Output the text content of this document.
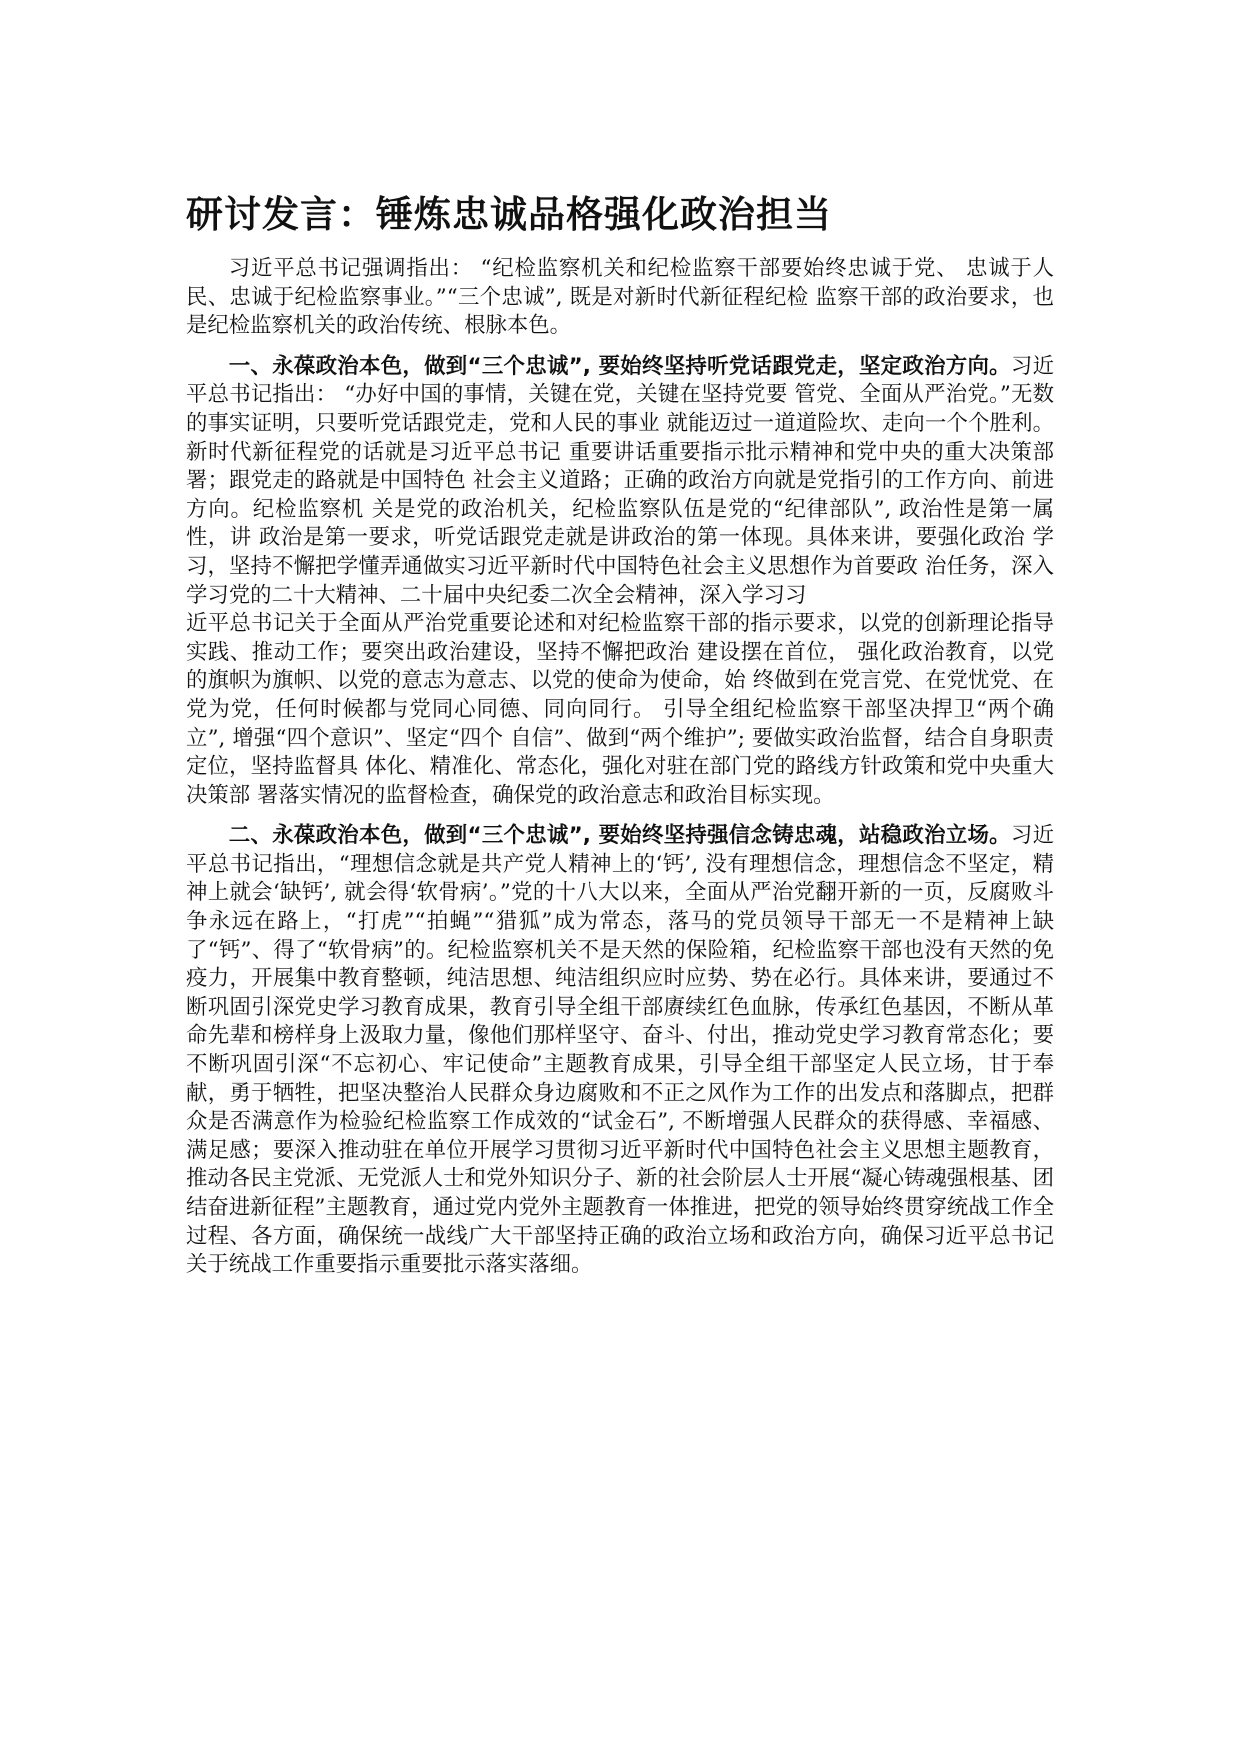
研讨发言：锤炼忠诚品格强化政治担当

习近平总书记强调指出： “纪检监察机关和纪检监察干部要始终忠诚于党、 忠诚于人民、忠诚于纪检监察事业。”“三个忠诚”, 既是对新时代新征程纪检 监察干部的政治要求，也是纪检监察机关的政治传统、根脉本色。

一、永葆政治本色，做到“三个忠诚”, 要始终坚持听党话跟党走，坚定政治方向。习近平总书记指出： “办好中国的事情，关键在党，关键在坚持党要 管党、全面从严治党。”无数的事实证明，只要听党话跟党走，党和人民的事业 就能迈过一道道险坎、走向一个个胜利。新时代新征程党的话就是习近平总书记 重要讲话重要指示批示精神和党中央的重大决策部署；跟党走的路就是中国特色 社会主义道路；正确的政治方向就是党指引的工作方向、前进方向。纪检监察机 关是党的政治机关，纪检监察队伍是党的“纪律部队”, 政治性是第一属性，讲 政治是第一要求，听党话跟党走就是讲政治的第一体现。具体来讲，要强化政治 学习，坚持不懈把学懂弄通做实习近平新时代中国特色社会主义思想作为首要政 治任务，深入学习党的二十大精神、二十届中央纪委二次全会精神，深入学习习

近平总书记关于全面从严治党重要论述和对纪检监察干部的指示要求，以党的创新理论指导实践、推动工作；要突出政治建设，坚持不懈把政治 建设摆在首位， 强化政治教育，以党的旗帜为旗帜、以党的意志为意志、以党的使命为使命，始 终做到在党言党、在党忧党、在党为党，任何时候都与党同心同德、同向同行。 引导全组纪检监察干部坚决捍卫“两个确立”, 增强“四个意识”、坚定“四个 自信”、做到“两个维护”; 要做实政治监督，结合自身职责定位，坚持监督具 体化、精准化、常态化，强化对驻在部门党的路线方针政策和党中央重大决策部 署落实情况的监督检查，确保党的政治意志和政治目标实现。

二、永葆政治本色，做到“三个忠诚”, 要始终坚持强信念铸忠魂，站稳政治立场。习近平总书记指出，“理想信念就是共产党人精神上的‘钙’, 没有理想信念，理想信念不坚定，精神上就会‘缺钙’, 就会得‘软骨病’。”党的十八大以来，全面从严治党翻开新的一页，反腐败斗争永远在路上，“打虎”“拍蝇”“猎狐”成为常态，落马的党员领导干部无一不是精神上缺了“钙”、得了“软骨病”的。纪检监察机关不是天然的保险箱，纪检监察干部也没有天然的免疫力，开展集中教育整顿，纯洁思想、纯洁组织应时应势、势在必行。具体来讲，要通过不断巩固引深党史学习教育成果，教育引导全组干部赓续红色血脉，传承红色基因，不断从革命先辈和榜样身上汲取力量，像他们那样坚守、奋斗、付出，推动党史学习教育常态化；要不断巩固引深“不忘初心、牢记使命”主题教育成果，引导全组干部坚定人民立场，甘于奉献，勇于牺牲，把坚决整治人民群众身边腐败和不正之风作为工作的出发点和落脚点，把群众是否满意作为检验纪检监察工作成效的“试金石”, 不断增强人民群众的获得感、幸福感、满足感；要深入推动驻在单位开展学习贯彻习近平新时代中国特色社会主义思想主题教育，推动各民主党派、无党派人士和党外知识分子、新的社会阶层人士开展“凝心铸魂强根基、团结奋进新征程”主题教育，通过党内党外主题教育一体推进，把党的领导始终贯穿统战工作全过程、各方面，确保统一战线广大干部坚持正确的政治立场和政治方向，确保习近平总书记关于统战工作重要指示重要批示落实落细。
